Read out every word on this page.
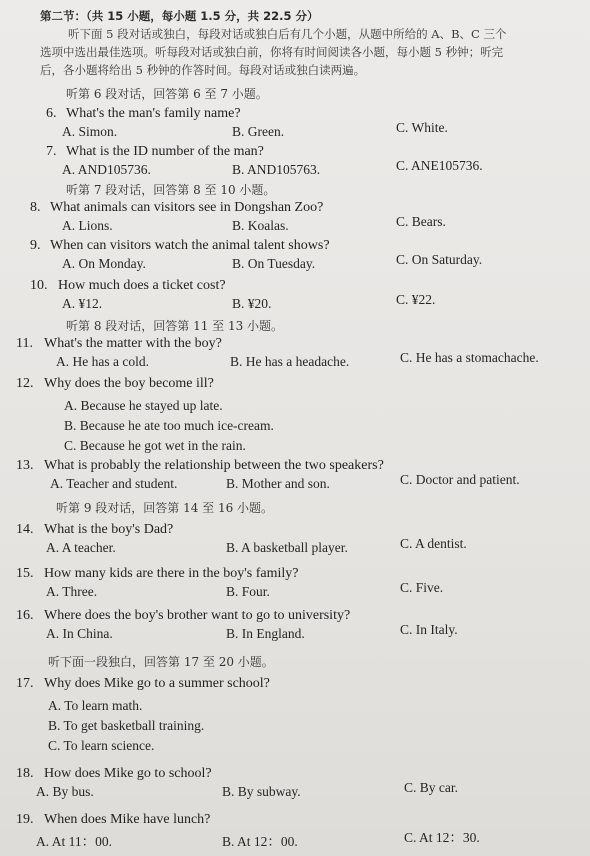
第二节：（共 15 小题，每小题 1.5 分，共 22.5 分）
听下面 5 段对话或独白，每段对话或独白后有几个小题，从题中所给的 A、B、C 三个
选项中选出最佳选项。听每段对话或独白前，你将有时间阅读各小题，每小题 5 秒钟；听完
后，各小题将给出 5 秒钟的作答时间。每段对话或独白读两遍。
听第 6 段对话，回答第 6 至 7 小题。
6. What's the man's family name?
A. Simon.	B. Green.	C. White.
7. What is the ID number of the man?
A. AND105736.	B. AND105763.	C. ANE105736.
听第 7 段对话，回答第 8 至 10 小题。
8. What animals can visitors see in Dongshan Zoo?
A. Lions.	B. Koalas.	C. Bears.
9. When can visitors watch the animal talent shows?
A. On Monday.	B. On Tuesday.	C. On Saturday.
10. How much does a ticket cost?
A. ¥12.	B. ¥20.	C. ¥22.
听第 8 段对话，回答第 11 至 13 小题。
11. What's the matter with the boy?
A. He has a cold.	B. He has a headache.	C. He has a stomachache.
12. Why does the boy become ill?
A. Because he stayed up late.
B. Because he ate too much ice-cream.
C. Because he got wet in the rain.
13. What is probably the relationship between the two speakers?
A. Teacher and student.	B. Mother and son.	C. Doctor and patient.
听第 9 段对话，回答第 14 至 16 小题。
14. What is the boy's Dad?
A. A teacher.	B. A basketball player.	C. A dentist.
15. How many kids are there in the boy's family?
A. Three.	B. Four.	C. Five.
16. Where does the boy's brother want to go to university?
A. In China.	B. In England.	C. In Italy.
听下面一段独白，回答第 17 至 20 小题。
17. Why does Mike go to a summer school?
A. To learn math.
B. To get basketball training.
C. To learn science.
18. How does Mike go to school?
A. By bus.	B. By subway.	C. By car.
19. When does Mike have lunch?
A. At 11：00.	B. At 12：00.	C. At 12：30.
